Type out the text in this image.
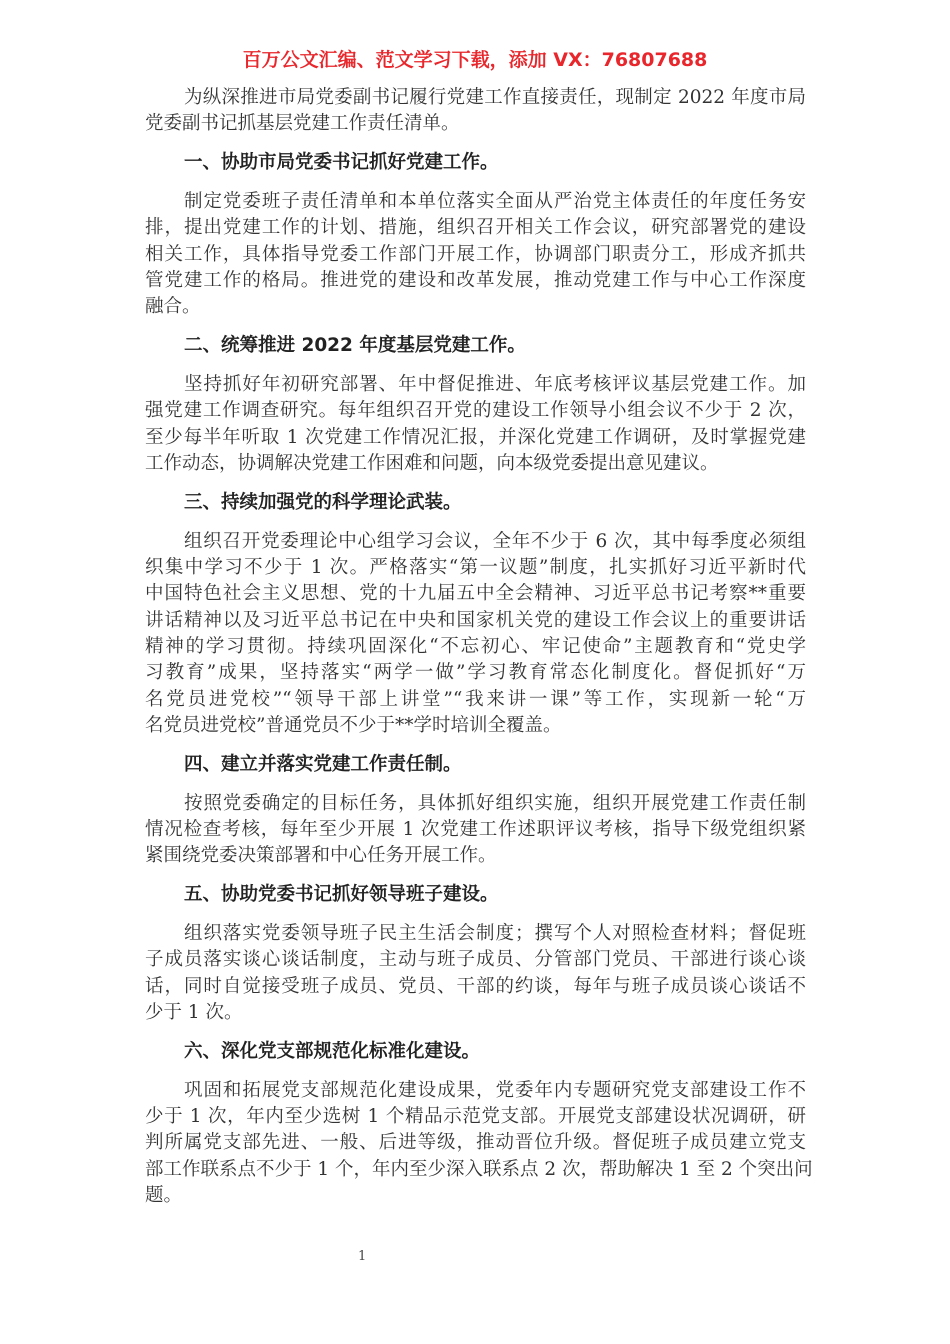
百万公文汇编、范文学习下载，添加 VX：76807688
为纵深推进市局党委副书记履行党建工作直接责任，现制定 2022 年度市局
党委副书记抓基层党建工作责任清单。
一、协助市局党委书记抓好党建工作。
制定党委班子责任清单和本单位落实全面从严治党主体责任的年度任务安
排，提出党建工作的计划、措施，组织召开相关工作会议，研究部署党的建设
相关工作，具体指导党委工作部门开展工作，协调部门职责分工，形成齐抓共
管党建工作的格局。推进党的建设和改革发展，推动党建工作与中心工作深度
融合。
二、统筹推进 2022 年度基层党建工作。
坚持抓好年初研究部署、年中督促推进、年底考核评议基层党建工作。加
强党建工作调查研究。每年组织召开党的建设工作领导小组会议不少于 2 次，
至少每半年听取 1 次党建工作情况汇报，并深化党建工作调研，及时掌握党建
工作动态，协调解决党建工作困难和问题，向本级党委提出意见建议。
三、持续加强党的科学理论武装。
组织召开党委理论中心组学习会议，全年不少于 6 次，其中每季度必须组
织集中学习不少于 1 次。严格落实“第一议题”制度，扎实抓好习近平新时代
中国特色社会主义思想、党的十九届五中全会精神、习近平总书记考察**重要
讲话精神以及习近平总书记在中央和国家机关党的建设工作会议上的重要讲话
精神的学习贯彻。持续巩固深化“不忘初心、牢记使命”主题教育和“党史学
习教育”成果，坚持落实“两学一做”学习教育常态化制度化。督促抓好“万
名党员进党校”“领导干部上讲堂”“我来讲一课”等工作，实现新一轮“万
名党员进党校”普通党员不少于**学时培训全覆盖。
四、建立并落实党建工作责任制。
按照党委确定的目标任务，具体抓好组织实施，组织开展党建工作责任制
情况检查考核，每年至少开展 1 次党建工作述职评议考核，指导下级党组织紧
紧围绕党委决策部署和中心任务开展工作。
五、协助党委书记抓好领导班子建设。
组织落实党委领导班子民主生活会制度；撰写个人对照检查材料；督促班
子成员落实谈心谈话制度，主动与班子成员、分管部门党员、干部进行谈心谈
话，同时自觉接受班子成员、党员、干部的约谈，每年与班子成员谈心谈话不
少于 1 次。
六、深化党支部规范化标准化建设。
巩固和拓展党支部规范化建设成果，党委年内专题研究党支部建设工作不
少于 1 次，年内至少选树 1 个精品示范党支部。开展党支部建设状况调研，研
判所属党支部先进、一般、后进等级，推动晋位升级。督促班子成员建立党支
部工作联系点不少于 1 个，年内至少深入联系点 2 次，帮助解决 1 至 2 个突出问
题。
1
